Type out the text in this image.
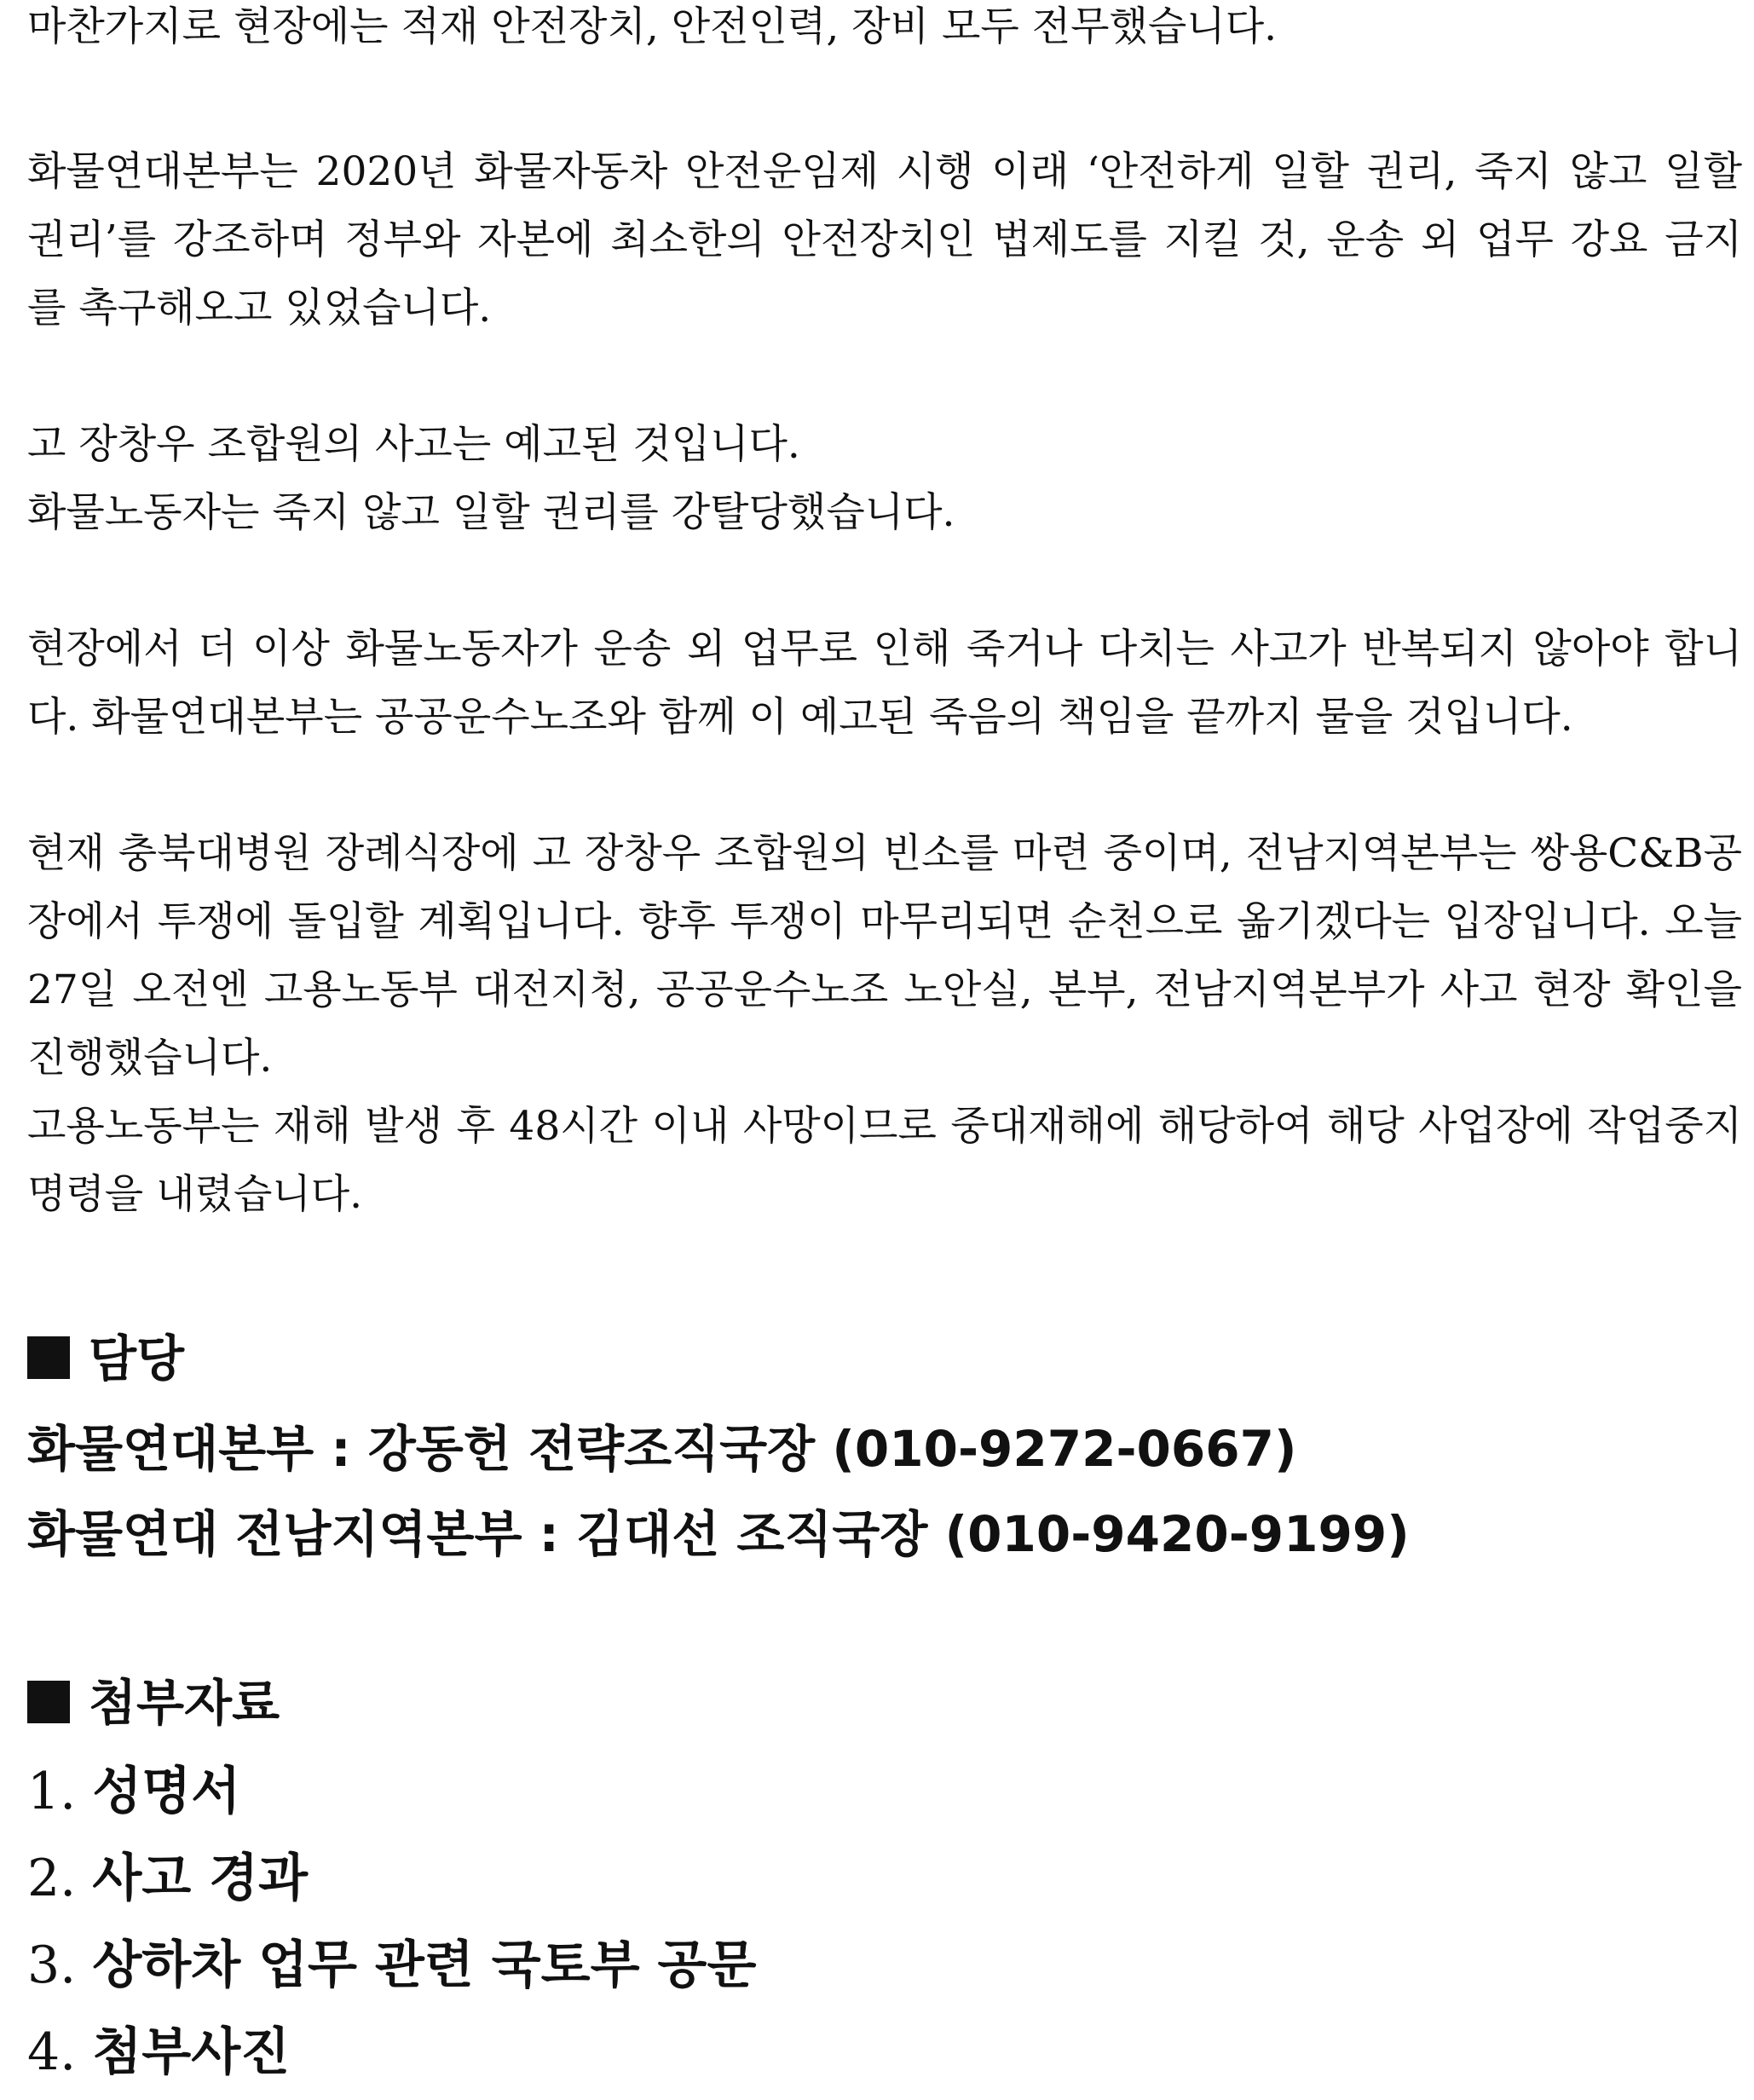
마찬가지로 현장에는 적재 안전장치, 안전인력, 장비 모두 전무했습니다.
화물연대본부는 2020년 화물자동차 안전운임제 시행 이래 ‘안전하게 일할 권리, 죽지 않고 일할
권리’를 강조하며 정부와 자본에 최소한의 안전장치인 법제도를 지킬 것, 운송 외 업무 강요 금지
를 촉구해오고 있었습니다.
고 장창우 조합원의 사고는 예고된 것입니다.
화물노동자는 죽지 않고 일할 권리를 강탈당했습니다.
현장에서 더 이상 화물노동자가 운송 외 업무로 인해 죽거나 다치는 사고가 반복되지 않아야 합니
다. 화물연대본부는 공공운수노조와 함께 이 예고된 죽음의 책임을 끝까지 물을 것입니다.
현재 충북대병원 장례식장에 고 장창우 조합원의 빈소를 마련 중이며, 전남지역본부는 쌍용C&B공
장에서 투쟁에 돌입할 계획입니다. 향후 투쟁이 마무리되면 순천으로 옮기겠다는 입장입니다. 오늘
27일 오전엔 고용노동부 대전지청, 공공운수노조 노안실, 본부, 전남지역본부가 사고 현장 확인을
진행했습니다.
고용노동부는 재해 발생 후 48시간 이내 사망이므로 중대재해에 해당하여 해당 사업장에 작업중지
명령을 내렸습니다.
담당
화물연대본부 : 강동헌 전략조직국장 (010-9272-0667)
화물연대 전남지역본부 : 김대선 조직국장 (010-9420-9199)
첨부자료
1. 성명서
2. 사고 경과
3. 상하차 업무 관련 국토부 공문
4. 첨부사진
